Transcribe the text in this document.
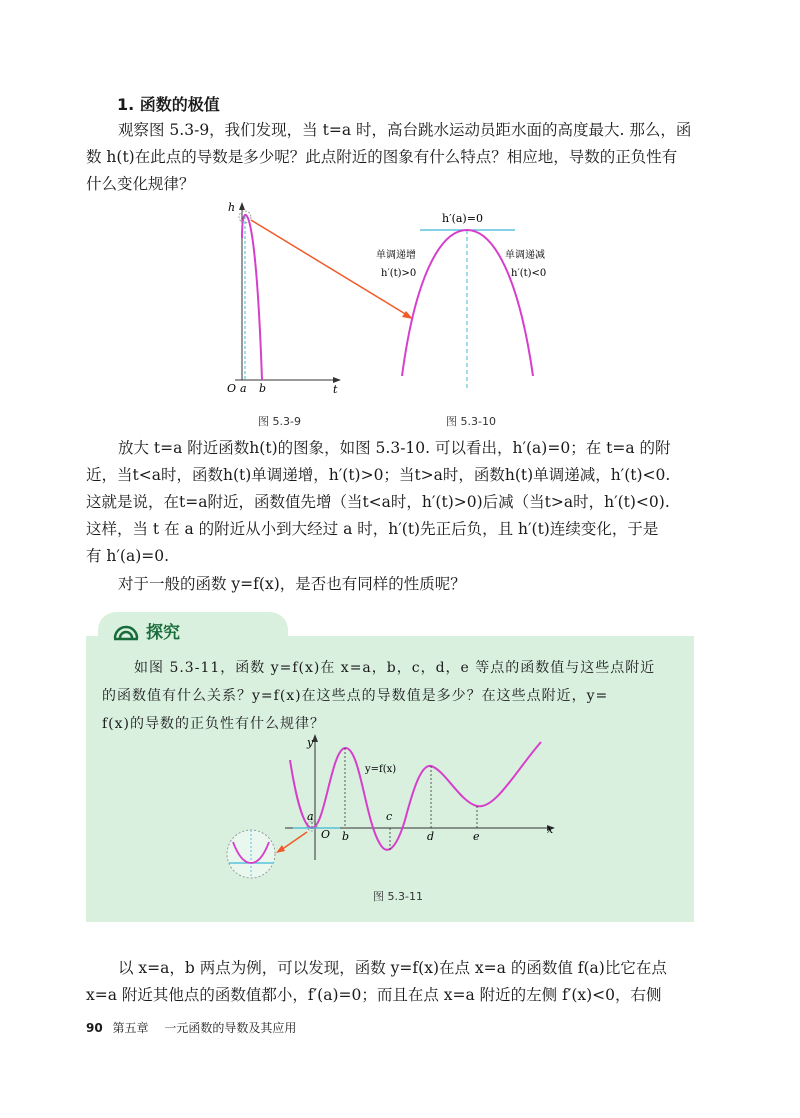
1. 函数的极值

观察图 5.3-9，我们发现，当 t=a 时，高台跳水运动员距水面的高度最大. 那么，函

数 h(t)在此点的导数是多少呢？此点附近的图象有什么特点？相应地，导数的正负性有

什么变化规律？

h
t
O a b
h′(a)=0
单调递增
h′(t)>0
单调递减
h′(t)<0
图 5.3-9	图 5.3-10

放大 t=a 附近函数h(t)的图象，如图 5.3-10. 可以看出，h′(a)=0；在 t=a 的附

近，当t<a时，函数h(t)单调递增，h′(t)>0；当t>a时，函数h(t)单调递减，h′(t)<0.

这就是说，在t=a附近，函数值先增（当t<a时，h′(t)>0)后减（当t>a时，h′(t)<0).

这样，当 t 在 a 的附近从小到大经过 a 时，h′(t)先正后负，且 h′(t)连续变化，于是

有 h′(a)=0.

对于一般的函数 y=f(x)，是否也有同样的性质呢？

探究

如图 5.3-11，函数 y=f(x)在 x=a，b，c，d，e 等点的函数值与这些点附近

的函数值有什么关系？y=f(x)在这些点的导数值是多少？在这些点附近，y=

f(x)的导数的正负性有什么规律？

y
x
O
y=f(x)
a
b
c
d	e
图 5.3-11

以 x=a，b 两点为例，可以发现，函数 y=f(x)在点 x=a 的函数值 f(a)比它在点

x=a 附近其他点的函数值都小，f′(a)=0；而且在点 x=a 附近的左侧 f′(x)<0，右侧

90 第五章 一元函数的导数及其应用
